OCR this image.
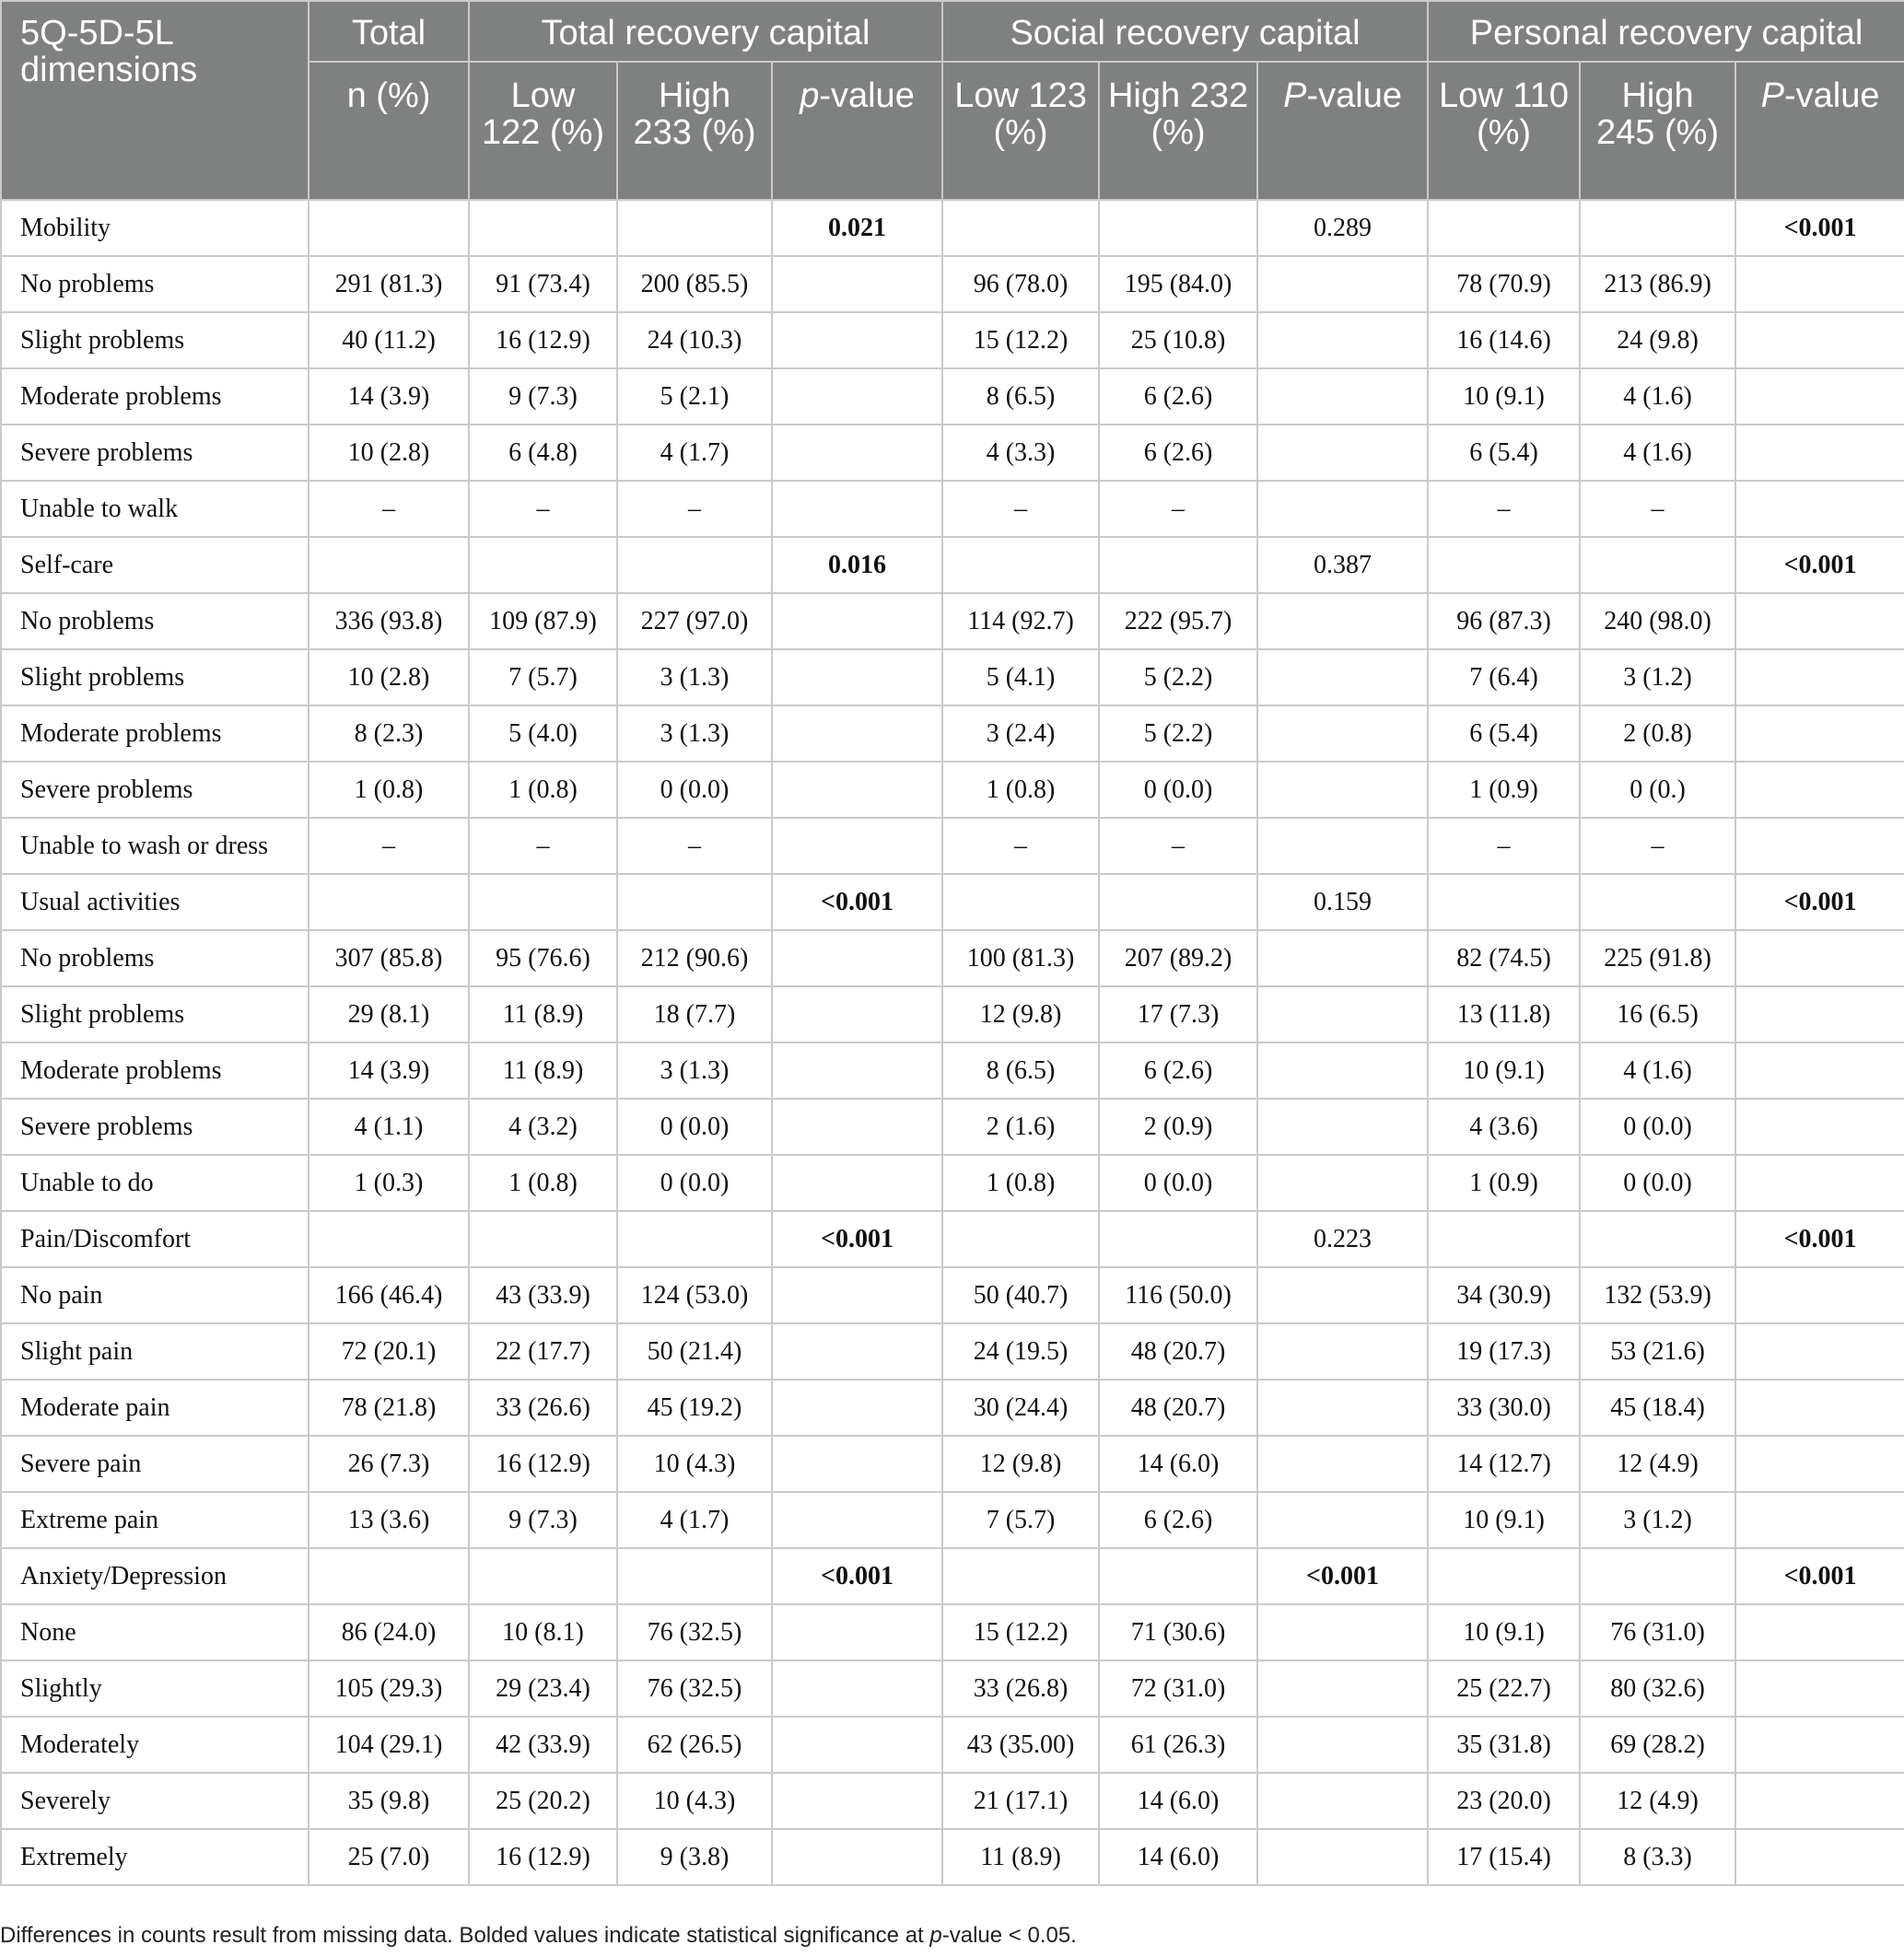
5Q-5D-5L dimensions	Total	Total recovery capital			Social recovery capital			Personal recovery capital		
	n (%)	Low 122 (%)	High 233 (%)	p-value	Low 123 (%)	High 232 (%)	P-value	Low 110 (%)	High 245 (%)	P-value
Mobility				0.021			0.289			<0.001
No problems	291 (81.3)	91 (73.4)	200 (85.5)		96 (78.0)	195 (84.0)		78 (70.9)	213 (86.9)	
Slight problems	40 (11.2)	16 (12.9)	24 (10.3)		15 (12.2)	25 (10.8)		16 (14.6)	24 (9.8)	
Moderate problems	14 (3.9)	9 (7.3)	5 (2.1)		8 (6.5)	6 (2.6)		10 (9.1)	4 (1.6)	
Severe problems	10 (2.8)	6 (4.8)	4 (1.7)		4 (3.3)	6 (2.6)		6 (5.4)	4 (1.6)	
Unable to walk	–	–	–		–	–		–	–	
Self-care				0.016			0.387			<0.001
No problems	336 (93.8)	109 (87.9)	227 (97.0)		114 (92.7)	222 (95.7)		96 (87.3)	240 (98.0)	
Slight problems	10 (2.8)	7 (5.7)	3 (1.3)		5 (4.1)	5 (2.2)		7 (6.4)	3 (1.2)	
Moderate problems	8 (2.3)	5 (4.0)	3 (1.3)		3 (2.4)	5 (2.2)		6 (5.4)	2 (0.8)	
Severe problems	1 (0.8)	1 (0.8)	0 (0.0)		1 (0.8)	0 (0.0)		1 (0.9)	0 (0.)	
Unable to wash or dress	–	–	–		–	–		–	–	
Usual activities				<0.001			0.159			<0.001
No problems	307 (85.8)	95 (76.6)	212 (90.6)		100 (81.3)	207 (89.2)		82 (74.5)	225 (91.8)	
Slight problems	29 (8.1)	11 (8.9)	18 (7.7)		12 (9.8)	17 (7.3)		13 (11.8)	16 (6.5)	
Moderate problems	14 (3.9)	11 (8.9)	3 (1.3)		8 (6.5)	6 (2.6)		10 (9.1)	4 (1.6)	
Severe problems	4 (1.1)	4 (3.2)	0 (0.0)		2 (1.6)	2 (0.9)		4 (3.6)	0 (0.0)	
Unable to do	1 (0.3)	1 (0.8)	0 (0.0)		1 (0.8)	0 (0.0)		1 (0.9)	0 (0.0)	
Pain/Discomfort				<0.001			0.223			<0.001
No pain	166 (46.4)	43 (33.9)	124 (53.0)		50 (40.7)	116 (50.0)		34 (30.9)	132 (53.9)	
Slight pain	72 (20.1)	22 (17.7)	50 (21.4)		24 (19.5)	48 (20.7)		19 (17.3)	53 (21.6)	
Moderate pain	78 (21.8)	33 (26.6)	45 (19.2)		30 (24.4)	48 (20.7)		33 (30.0)	45 (18.4)	
Severe pain	26 (7.3)	16 (12.9)	10 (4.3)		12 (9.8)	14 (6.0)		14 (12.7)	12 (4.9)	
Extreme pain	13 (3.6)	9 (7.3)	4 (1.7)		7 (5.7)	6 (2.6)		10 (9.1)	3 (1.2)	
Anxiety/Depression				<0.001			<0.001			<0.001
None	86 (24.0)	10 (8.1)	76 (32.5)		15 (12.2)	71 (30.6)		10 (9.1)	76 (31.0)	
Slightly	105 (29.3)	29 (23.4)	76 (32.5)		33 (26.8)	72 (31.0)		25 (22.7)	80 (32.6)	
Moderately	104 (29.1)	42 (33.9)	62 (26.5)		43 (35.00)	61 (26.3)		35 (31.8)	69 (28.2)	
Severely	35 (9.8)	25 (20.2)	10 (4.3)		21 (17.1)	14 (6.0)		23 (20.0)	12 (4.9)	
Extremely	25 (7.0)	16 (12.9)	9 (3.8)		11 (8.9)	14 (6.0)		17 (15.4)	8 (3.3)	
Differences in counts result from missing data. Bolded values indicate statistical significance at p-value < 0.05.
